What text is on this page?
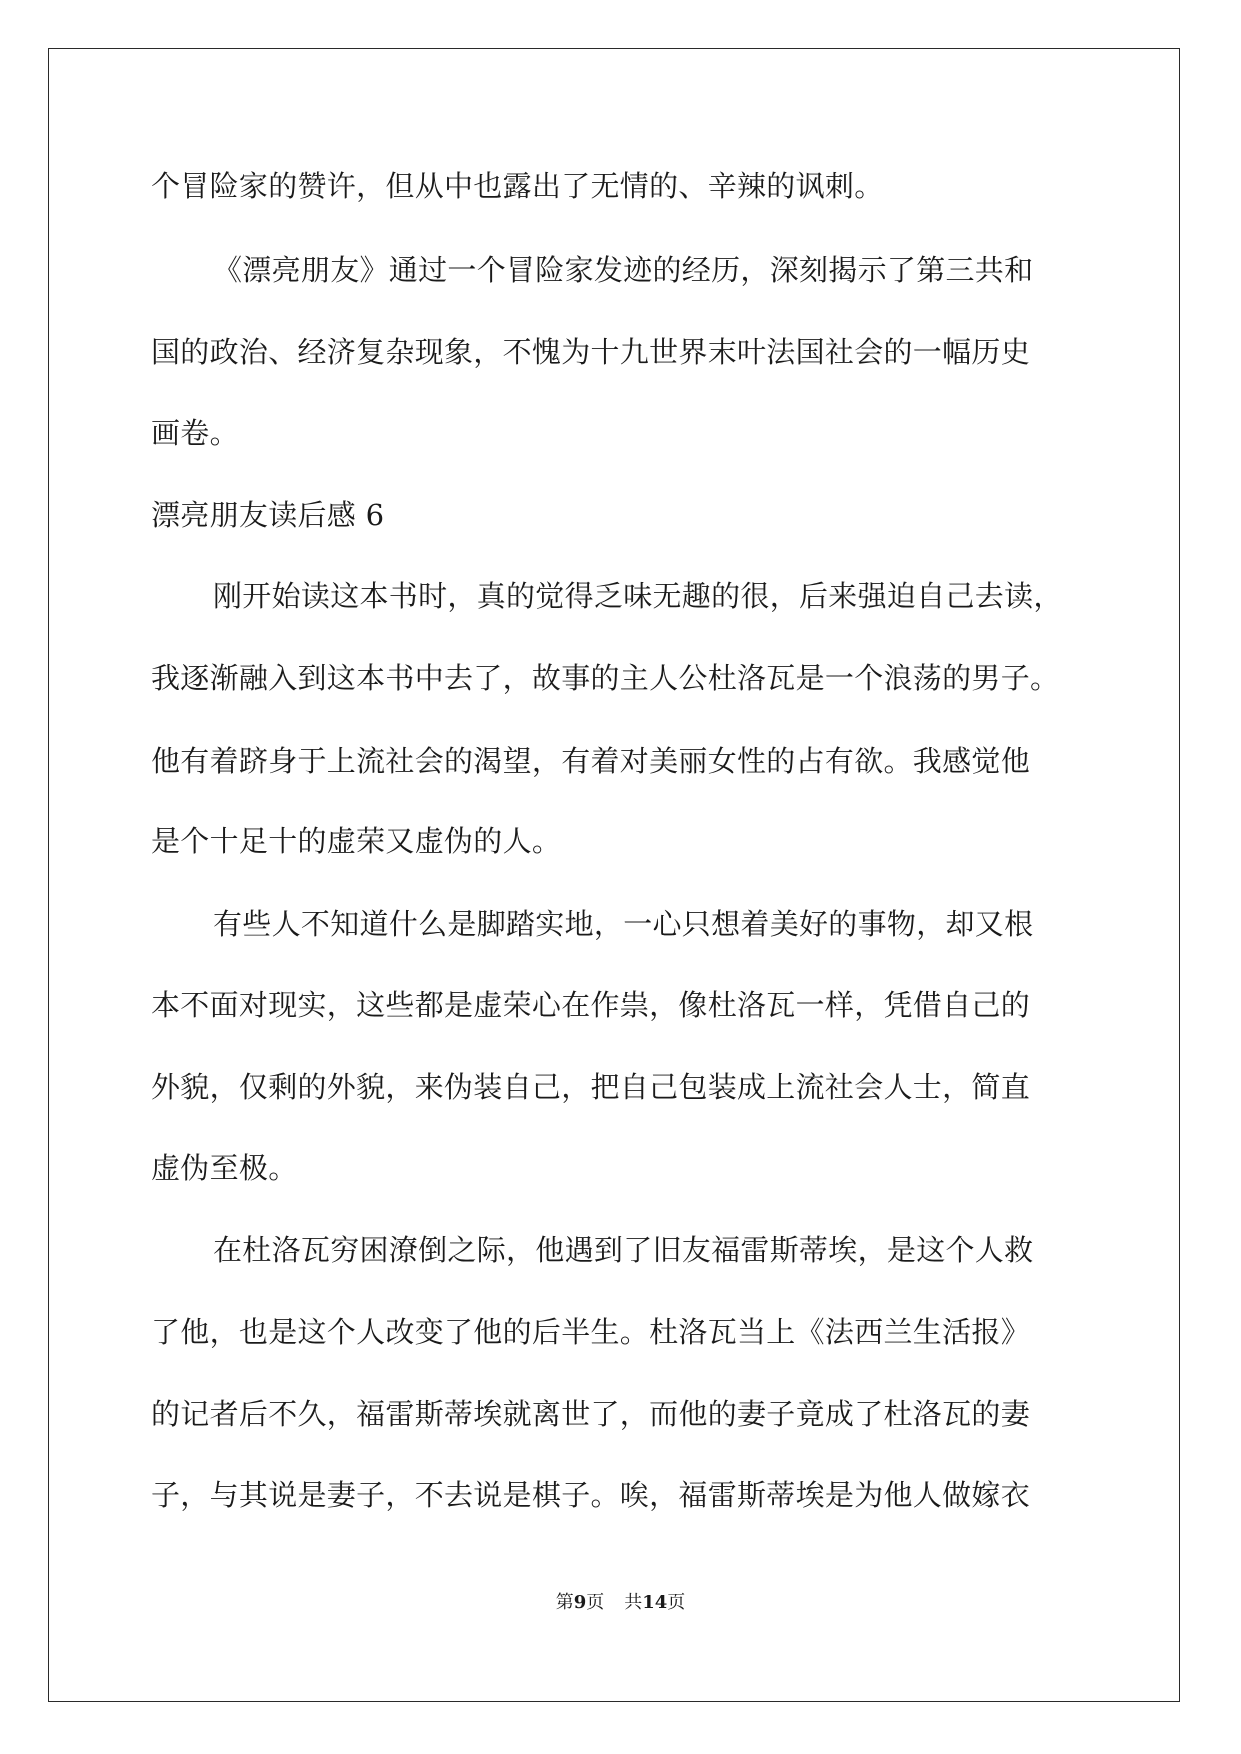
个冒险家的赞许，但从中也露出了无情的、辛辣的讽刺。
《漂亮朋友》通过一个冒险家发迹的经历，深刻揭示了第三共和
国的政治、经济复杂现象，不愧为十九世界末叶法国社会的一幅历史
画卷。
漂亮朋友读后感 6
刚开始读这本书时，真的觉得乏味无趣的很，后来强迫自己去读，
我逐渐融入到这本书中去了，故事的主人公杜洛瓦是一个浪荡的男子。
他有着跻身于上流社会的渴望，有着对美丽女性的占有欲。我感觉他
是个十足十的虚荣又虚伪的人。
有些人不知道什么是脚踏实地，一心只想着美好的事物，却又根
本不面对现实，这些都是虚荣心在作祟，像杜洛瓦一样，凭借自己的
外貌，仅剩的外貌，来伪装自己，把自己包装成上流社会人士，简直
虚伪至极。
在杜洛瓦穷困潦倒之际，他遇到了旧友福雷斯蒂埃，是这个人救
了他，也是这个人改变了他的后半生。杜洛瓦当上《法西兰生活报》
的记者后不久，福雷斯蒂埃就离世了，而他的妻子竟成了杜洛瓦的妻
子，与其说是妻子，不去说是棋子。唉，福雷斯蒂埃是为他人做嫁衣
第9页 共14页
